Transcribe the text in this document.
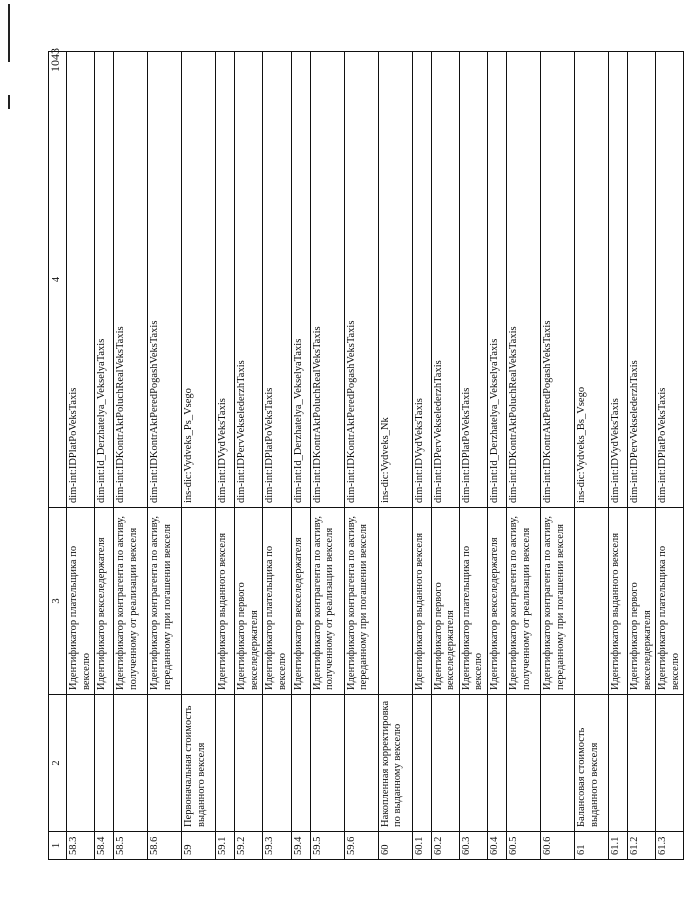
1043
1	2	3	4
58.3		Идентификатор плательщика по векселю	dim-int:IDPlatPoVeksTaxis
58.4		Идентификатор векселедержателя	dim-int:Id_Derzhatelya_VekselyaTaxis
58.5		Идентификатор контрагента по активу, полученному от реализации векселя	dim-int:IDKontrAktPoluchRealVeksTaxis
58.6		Идентификатор контрагента по активу, переданному при погашении векселя	dim-int:IDKontrAktPeredPogashVeksTaxis
59	Первоначальная стоимость выданного векселя		ins-dic:Vydveks_Ps_Vsego
59.1		Идентификатор выданного векселя	dim-int:IDVydVeksTaxis
59.2		Идентификатор первого векселедержателя	dim-int:IDPervVekselederzhTaxis
59.3		Идентификатор плательщика по векселю	dim-int:IDPlatPoVeksTaxis
59.4		Идентификатор векселедержателя	dim-int:Id_Derzhatelya_VekselyaTaxis
59.5		Идентификатор контрагента по активу, полученному от реализации векселя	dim-int:IDKontrAktPoluchRealVeksTaxis
59.6		Идентификатор контрагента по активу, переданному при погашении векселя	dim-int:IDKontrAktPeredPogashVeksTaxis
60	Накопленная корректировка по выданному векселю		ins-dic:Vydveks_Nk
60.1		Идентификатор выданного векселя	dim-int:IDVydVeksTaxis
60.2		Идентификатор первого векселедержателя	dim-int:IDPervVekselederzhTaxis
60.3		Идентификатор плательщика по векселю	dim-int:IDPlatPoVeksTaxis
60.4		Идентификатор векселедержателя	dim-int:Id_Derzhatelya_VekselyaTaxis
60.5		Идентификатор контрагента по активу, полученному от реализации векселя	dim-int:IDKontrAktPoluchRealVeksTaxis
60.6		Идентификатор контрагента по активу, переданному при погашении векселя	dim-int:IDKontrAktPeredPogashVeksTaxis
61	Балансовая стоимость выданного векселя		ins-dic:Vydveks_Bs_Vsego
61.1		Идентификатор выданного векселя	dim-int:IDVydVeksTaxis
61.2		Идентификатор первого векселедержателя	dim-int:IDPervVekselederzhTaxis
61.3		Идентификатор плательщика по векселю	dim-int:IDPlatPoVeksTaxis
